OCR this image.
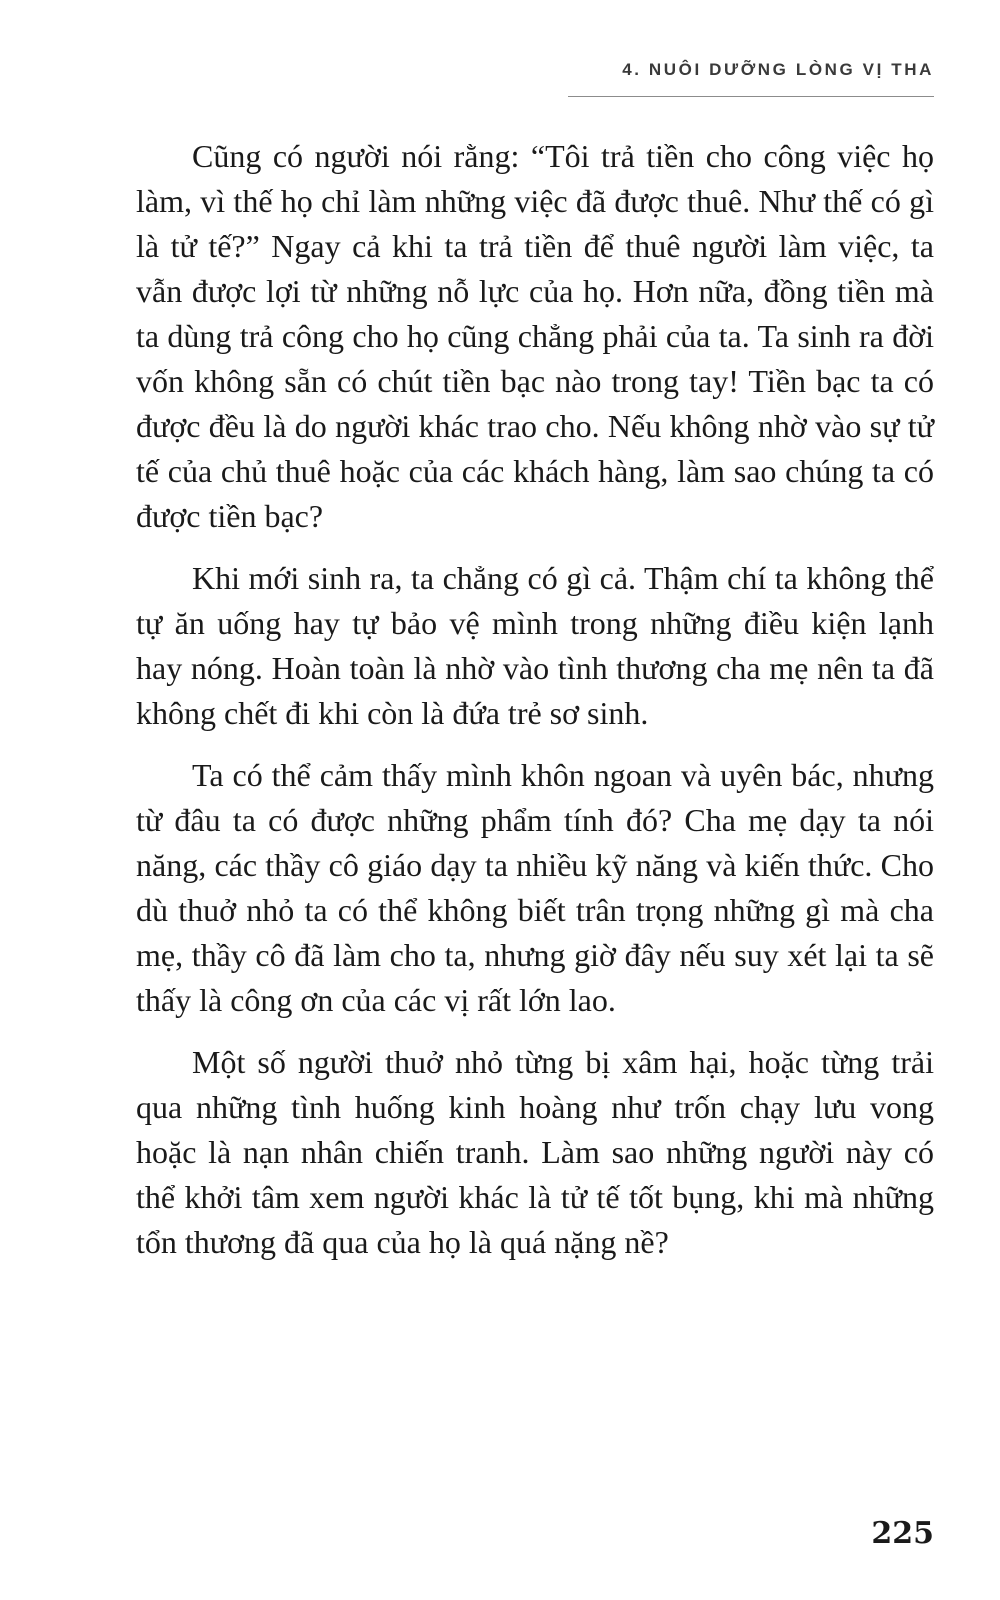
4. NUÔI DƯỠNG LÒNG VỊ THA

Cũng có người nói rằng: “Tôi trả tiền cho công việc họ làm, vì thế họ chỉ làm những việc đã được thuê. Như thế có gì là tử tế?” Ngay cả khi ta trả tiền để thuê người làm việc, ta vẫn được lợi từ những nỗ lực của họ. Hơn nữa, đồng tiền mà ta dùng trả công cho họ cũng chẳng phải của ta. Ta sinh ra đời vốn không sẵn có chút tiền bạc nào trong tay! Tiền bạc ta có được đều là do người khác trao cho. Nếu không nhờ vào sự tử tế của chủ thuê hoặc của các khách hàng, làm sao chúng ta có được tiền bạc?

Khi mới sinh ra, ta chẳng có gì cả. Thậm chí ta không thể tự ăn uống hay tự bảo vệ mình trong những điều kiện lạnh hay nóng. Hoàn toàn là nhờ vào tình thương cha mẹ nên ta đã không chết đi khi còn là đứa trẻ sơ sinh.

Ta có thể cảm thấy mình khôn ngoan và uyên bác, nhưng từ đâu ta có được những phẩm tính đó? Cha mẹ dạy ta nói năng, các thầy cô giáo dạy ta nhiều kỹ năng và kiến thức. Cho dù thuở nhỏ ta có thể không biết trân trọng những gì mà cha mẹ, thầy cô đã làm cho ta, nhưng giờ đây nếu suy xét lại ta sẽ thấy là công ơn của các vị rất lớn lao.

Một số người thuở nhỏ từng bị xâm hại, hoặc từng trải qua những tình huống kinh hoàng như trốn chạy lưu vong hoặc là nạn nhân chiến tranh. Làm sao những người này có thể khởi tâm xem người khác là tử tế tốt bụng, khi mà những tổn thương đã qua của họ là quá nặng nề?

225
